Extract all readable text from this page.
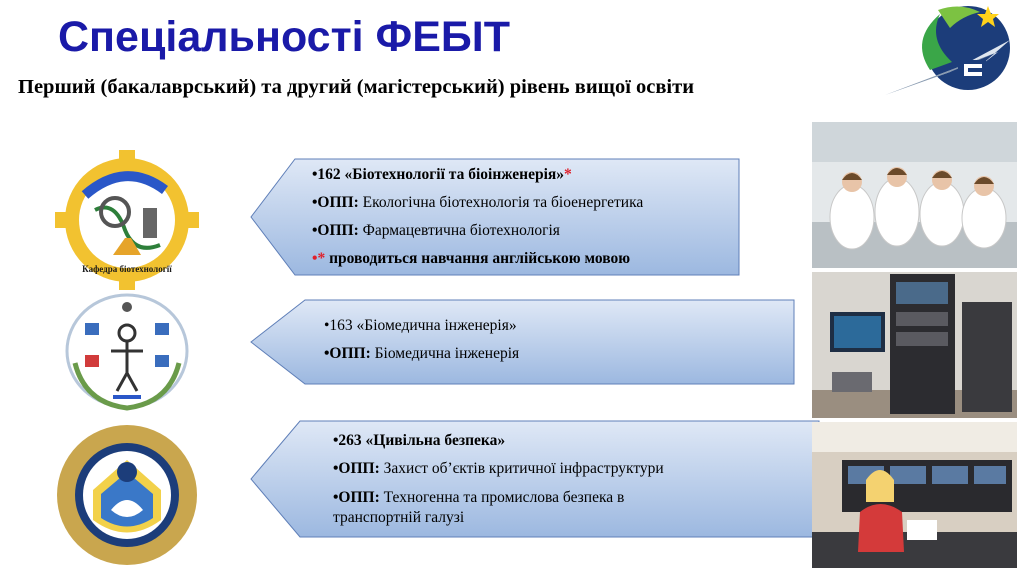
Спеціальності ФЕБІТ

Перший (бакалаврський) та другий (магістерський) рівень вищої освіти

Кафедра біотехнології
•162 «Біотехнології та біоінженерія»*
•ОПП: Екологічна біотехнологія та біоенергетика
•ОПП: Фармацевтична біотехнологія
•* проводиться навчання англійською мовою
•163 «Біомедична інженерія»
•ОПП: Біомедична інженерія
•263 «Цивільна безпека»
•ОПП: Захист об’єктів критичної інфраструктури
•ОПП: Техногенна та промислова безпека в транспортній галузі
